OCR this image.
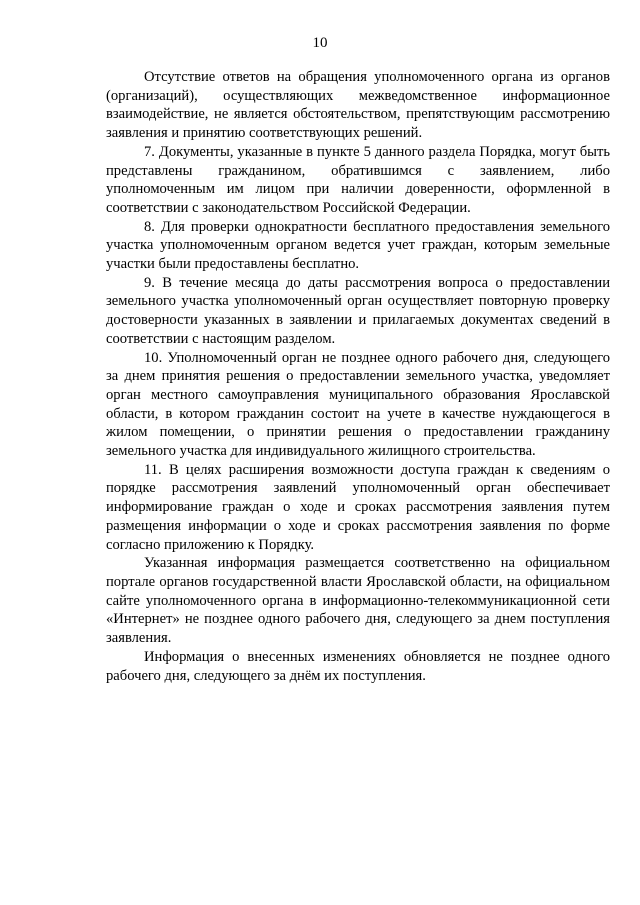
10

Отсутствие ответов на обращения уполномоченного органа из органов (организаций), осуществляющих межведомственное информационное взаимодействие, не является обстоятельством, препятствующим рассмотрению заявления и принятию соответствующих решений.

7. Документы, указанные в пункте 5 данного раздела Порядка, могут быть представлены гражданином, обратившимся с заявлением, либо уполномоченным им лицом при наличии доверенности, оформленной в соответствии с законодательством Российской Федерации.

8. Для проверки однократности бесплатного предоставления земельного участка уполномоченным органом ведется учет граждан, которым земельные участки были предоставлены бесплатно.

9. В течение месяца до даты рассмотрения вопроса о предоставлении земельного участка уполномоченный орган осуществляет повторную проверку достоверности указанных в заявлении и прилагаемых документах сведений в соответствии с настоящим разделом.

10. Уполномоченный орган не позднее одного рабочего дня, следующего за днем принятия решения о предоставлении земельного участка, уведомляет орган местного самоуправления муниципального образования Ярославской области, в котором гражданин состоит на учете в качестве нуждающегося в жилом помещении, о принятии решения о предоставлении гражданину земельного участка для индивидуального жилищного строительства.

11. В целях расширения возможности доступа граждан к сведениям о порядке рассмотрения заявлений уполномоченный орган обеспечивает информирование граждан о ходе и сроках рассмотрения заявления путем размещения информации о ходе и сроках рассмотрения заявления по форме согласно приложению к Порядку.

Указанная информация размещается соответственно на официальном портале органов государственной власти Ярославской области, на официальном сайте уполномоченного органа в информационно-телекоммуникационной сети «Интернет» не позднее одного рабочего дня, следующего за днем поступления заявления.

Информация о внесенных изменениях обновляется не позднее одного рабочего дня, следующего за днём их поступления.
